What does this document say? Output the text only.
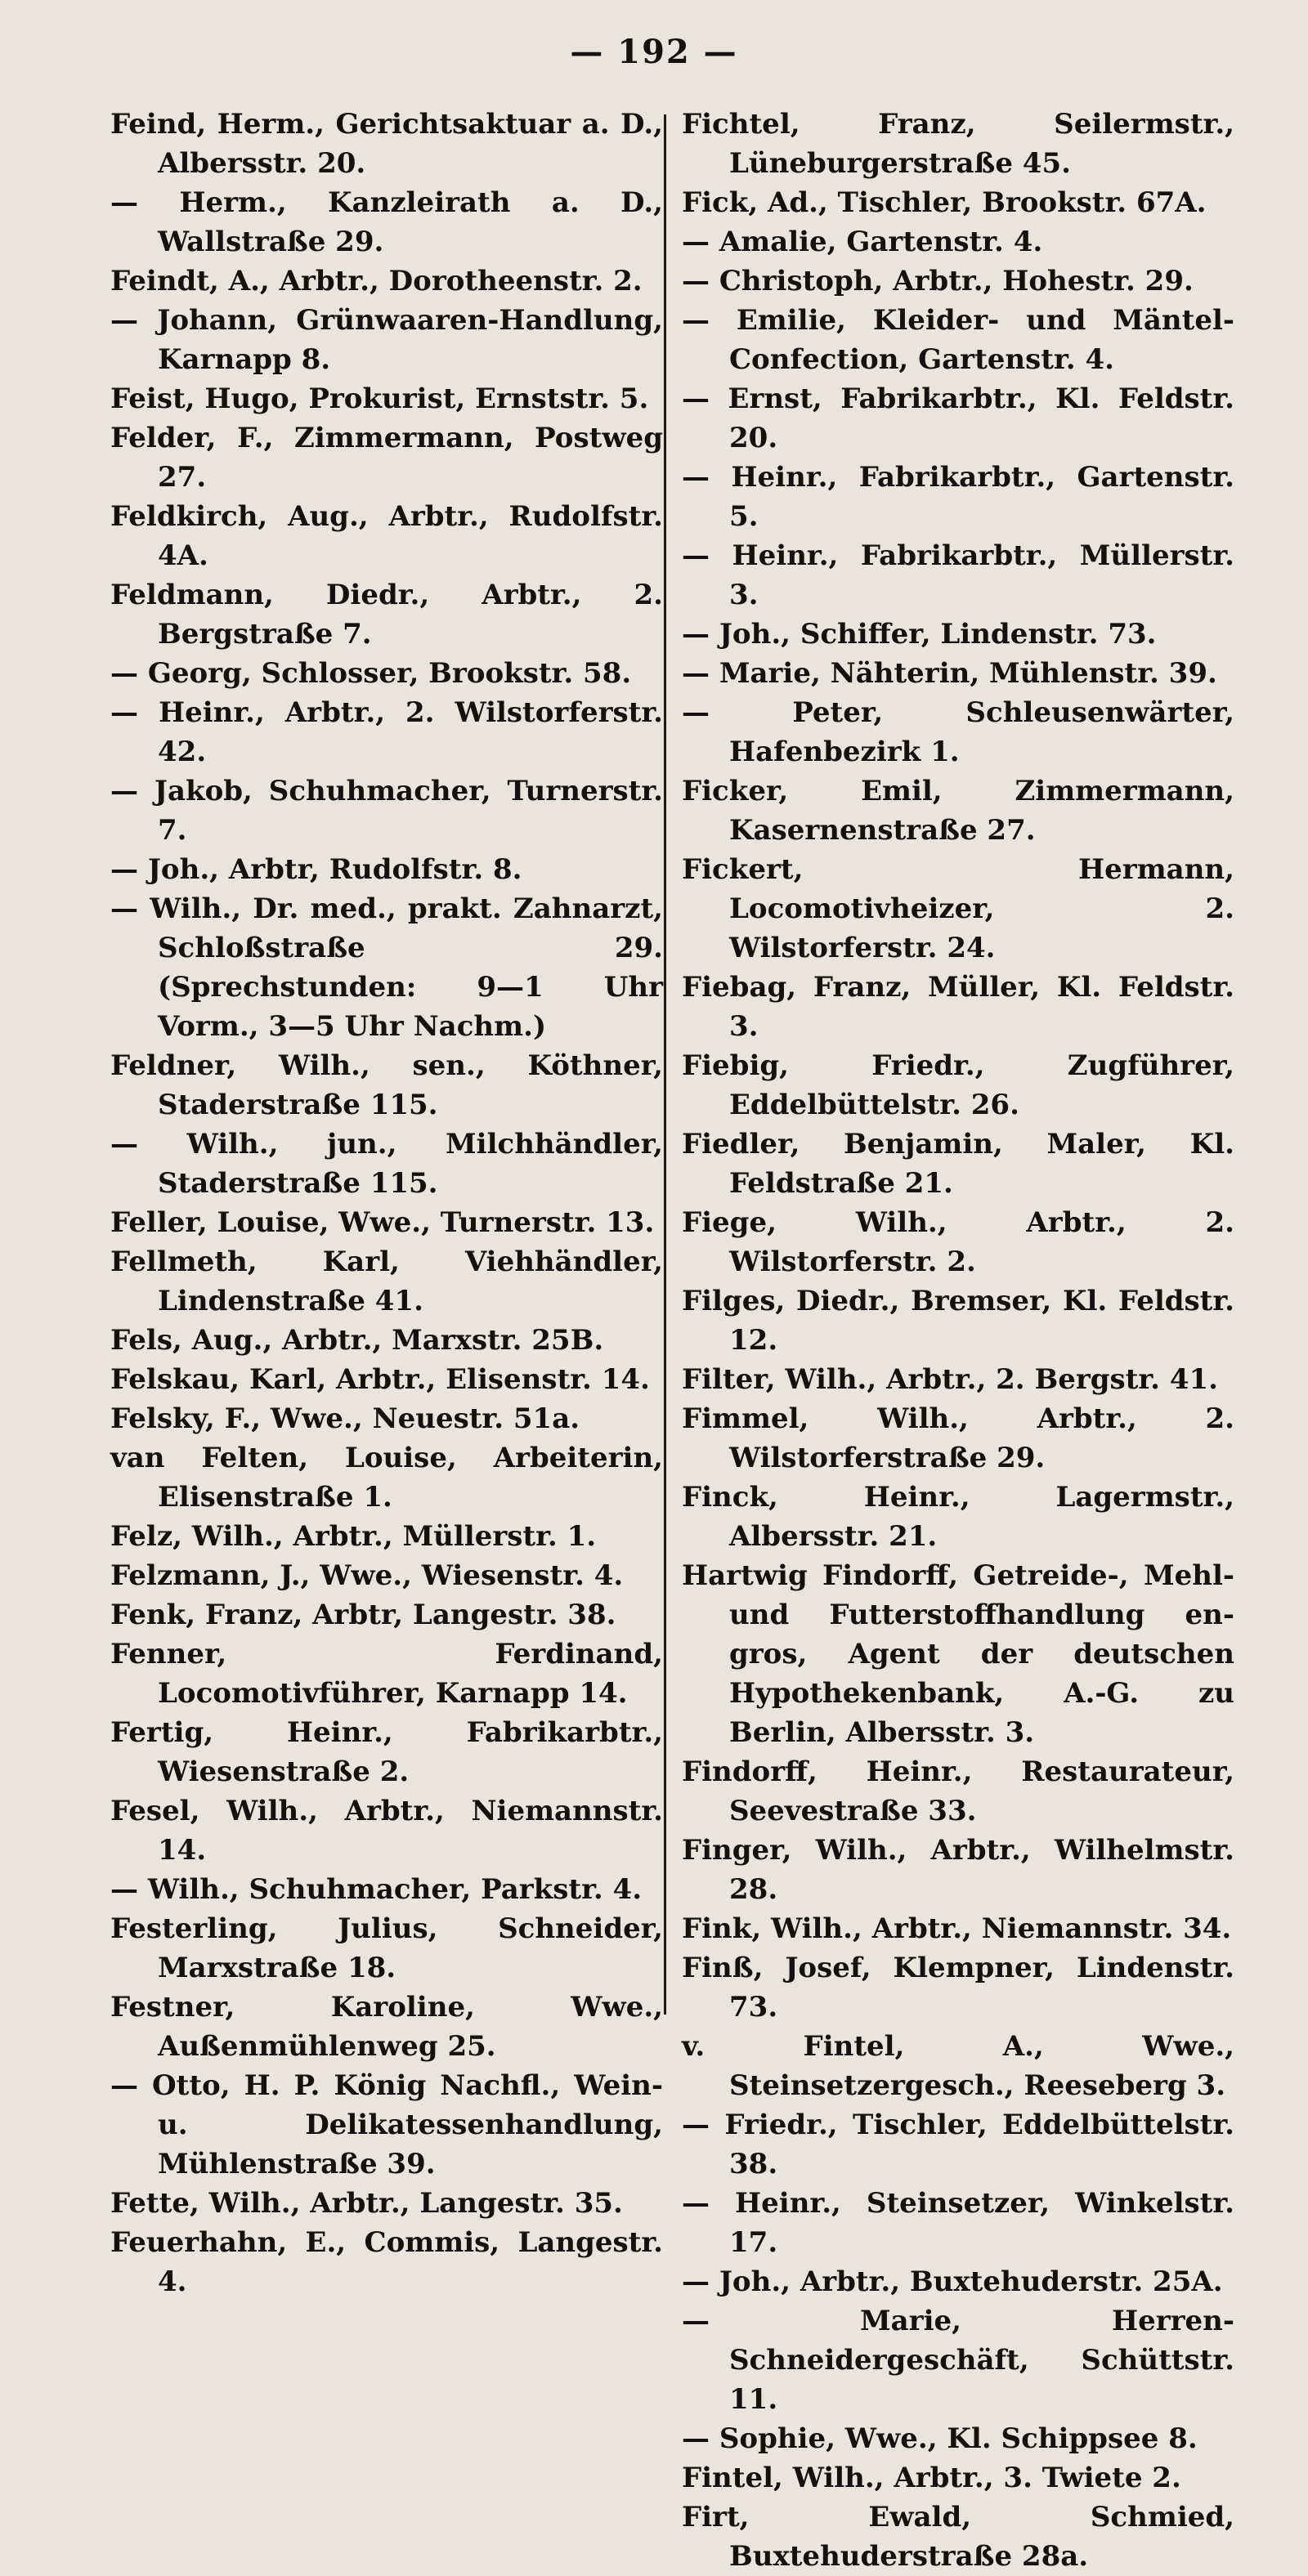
— 192 —

Feind, Herm., Gerichtsaktuar a. D., Albersstr. 20.

— Herm., Kanzleirath a. D., Wallstraße 29.

Feindt, A., Arbtr., Dorotheenstr. 2.

— Johann, Grünwaaren-Handlung, Karnapp 8.

Feist, Hugo, Prokurist, Ernststr. 5.

Felder, F., Zimmermann, Postweg 27.

Feldkirch, Aug., Arbtr., Rudolfstr. 4A.

Feldmann, Diedr., Arbtr., 2. Bergstraße 7.

— Georg, Schlosser, Brookstr. 58.

— Heinr., Arbtr., 2. Wilstorferstr. 42.

— Jakob, Schuhmacher, Turnerstr. 7.

— Joh., Arbtr, Rudolfstr. 8.

— Wilh., Dr. med., prakt. Zahnarzt, Schloßstraße 29. (Sprechstunden: 9—1 Uhr Vorm., 3—5 Uhr Nachm.)

Feldner, Wilh., sen., Köthner, Staderstraße 115.

— Wilh., jun., Milchhändler, Staderstraße 115.

Feller, Louise, Wwe., Turnerstr. 13.

Fellmeth, Karl, Viehhändler, Lindenstraße 41.

Fels, Aug., Arbtr., Marxstr. 25B.

Felskau, Karl, Arbtr., Elisenstr. 14.

Felsky, F., Wwe., Neuestr. 51a.

van Felten, Louise, Arbeiterin, Elisenstraße 1.

Felz, Wilh., Arbtr., Müllerstr. 1.

Felzmann, J., Wwe., Wiesenstr. 4.

Fenk, Franz, Arbtr, Langestr. 38.

Fenner, Ferdinand, Locomotivführer, Karnapp 14.

Fertig, Heinr., Fabrikarbtr., Wiesenstraße 2.

Fesel, Wilh., Arbtr., Niemannstr. 14.

— Wilh., Schuhmacher, Parkstr. 4.

Festerling, Julius, Schneider, Marxstraße 18.

Festner, Karoline, Wwe., Außenmühlenweg 25.

— Otto, H. P. König Nachfl., Wein- u. Delikatessenhandlung, Mühlenstraße 39.

Fette, Wilh., Arbtr., Langestr. 35.

Feuerhahn, E., Commis, Langestr. 4.

Fichtel, Franz, Seilermstr., Lüneburgerstraße 45.

Fick, Ad., Tischler, Brookstr. 67A.

— Amalie, Gartenstr. 4.

— Christoph, Arbtr., Hohestr. 29.

— Emilie, Kleider- und Mäntel-Confection, Gartenstr. 4.

— Ernst, Fabrikarbtr., Kl. Feldstr. 20.

— Heinr., Fabrikarbtr., Gartenstr. 5.

— Heinr., Fabrikarbtr., Müllerstr. 3.

— Joh., Schiffer, Lindenstr. 73.

— Marie, Nähterin, Mühlenstr. 39.

— Peter, Schleusenwärter, Hafenbezirk 1.

Ficker, Emil, Zimmermann, Kasernenstraße 27.

Fickert, Hermann, Locomotivheizer, 2. Wilstorferstr. 24.

Fiebag, Franz, Müller, Kl. Feldstr. 3.

Fiebig, Friedr., Zugführer, Eddelbüttelstr. 26.

Fiedler, Benjamin, Maler, Kl. Feldstraße 21.

Fiege, Wilh., Arbtr., 2. Wilstorferstr. 2.

Filges, Diedr., Bremser, Kl. Feldstr. 12.

Filter, Wilh., Arbtr., 2. Bergstr. 41.

Fimmel, Wilh., Arbtr., 2. Wilstorferstraße 29.

Finck, Heinr., Lagermstr., Albersstr. 21.

Hartwig Findorff, Getreide-, Mehl- und Futterstoffhandlung en-gros, Agent der deutschen Hypothekenbank, A.-G. zu Berlin, Albersstr. 3.

Findorff, Heinr., Restaurateur, Seevestraße 33.

Finger, Wilh., Arbtr., Wilhelmstr. 28.

Fink, Wilh., Arbtr., Niemannstr. 34.

Finß, Josef, Klempner, Lindenstr. 73.

v. Fintel, A., Wwe., Steinsetzergesch., Reeseberg 3.

— Friedr., Tischler, Eddelbüttelstr. 38.

— Heinr., Steinsetzer, Winkelstr. 17.

— Joh., Arbtr., Buxtehuderstr. 25A.

— Marie, Herren-Schneidergeschäft, Schüttstr. 11.

— Sophie, Wwe., Kl. Schippsee 8.

Fintel, Wilh., Arbtr., 3. Twiete 2.

Firt, Ewald, Schmied, Buxtehuderstraße 28a.
